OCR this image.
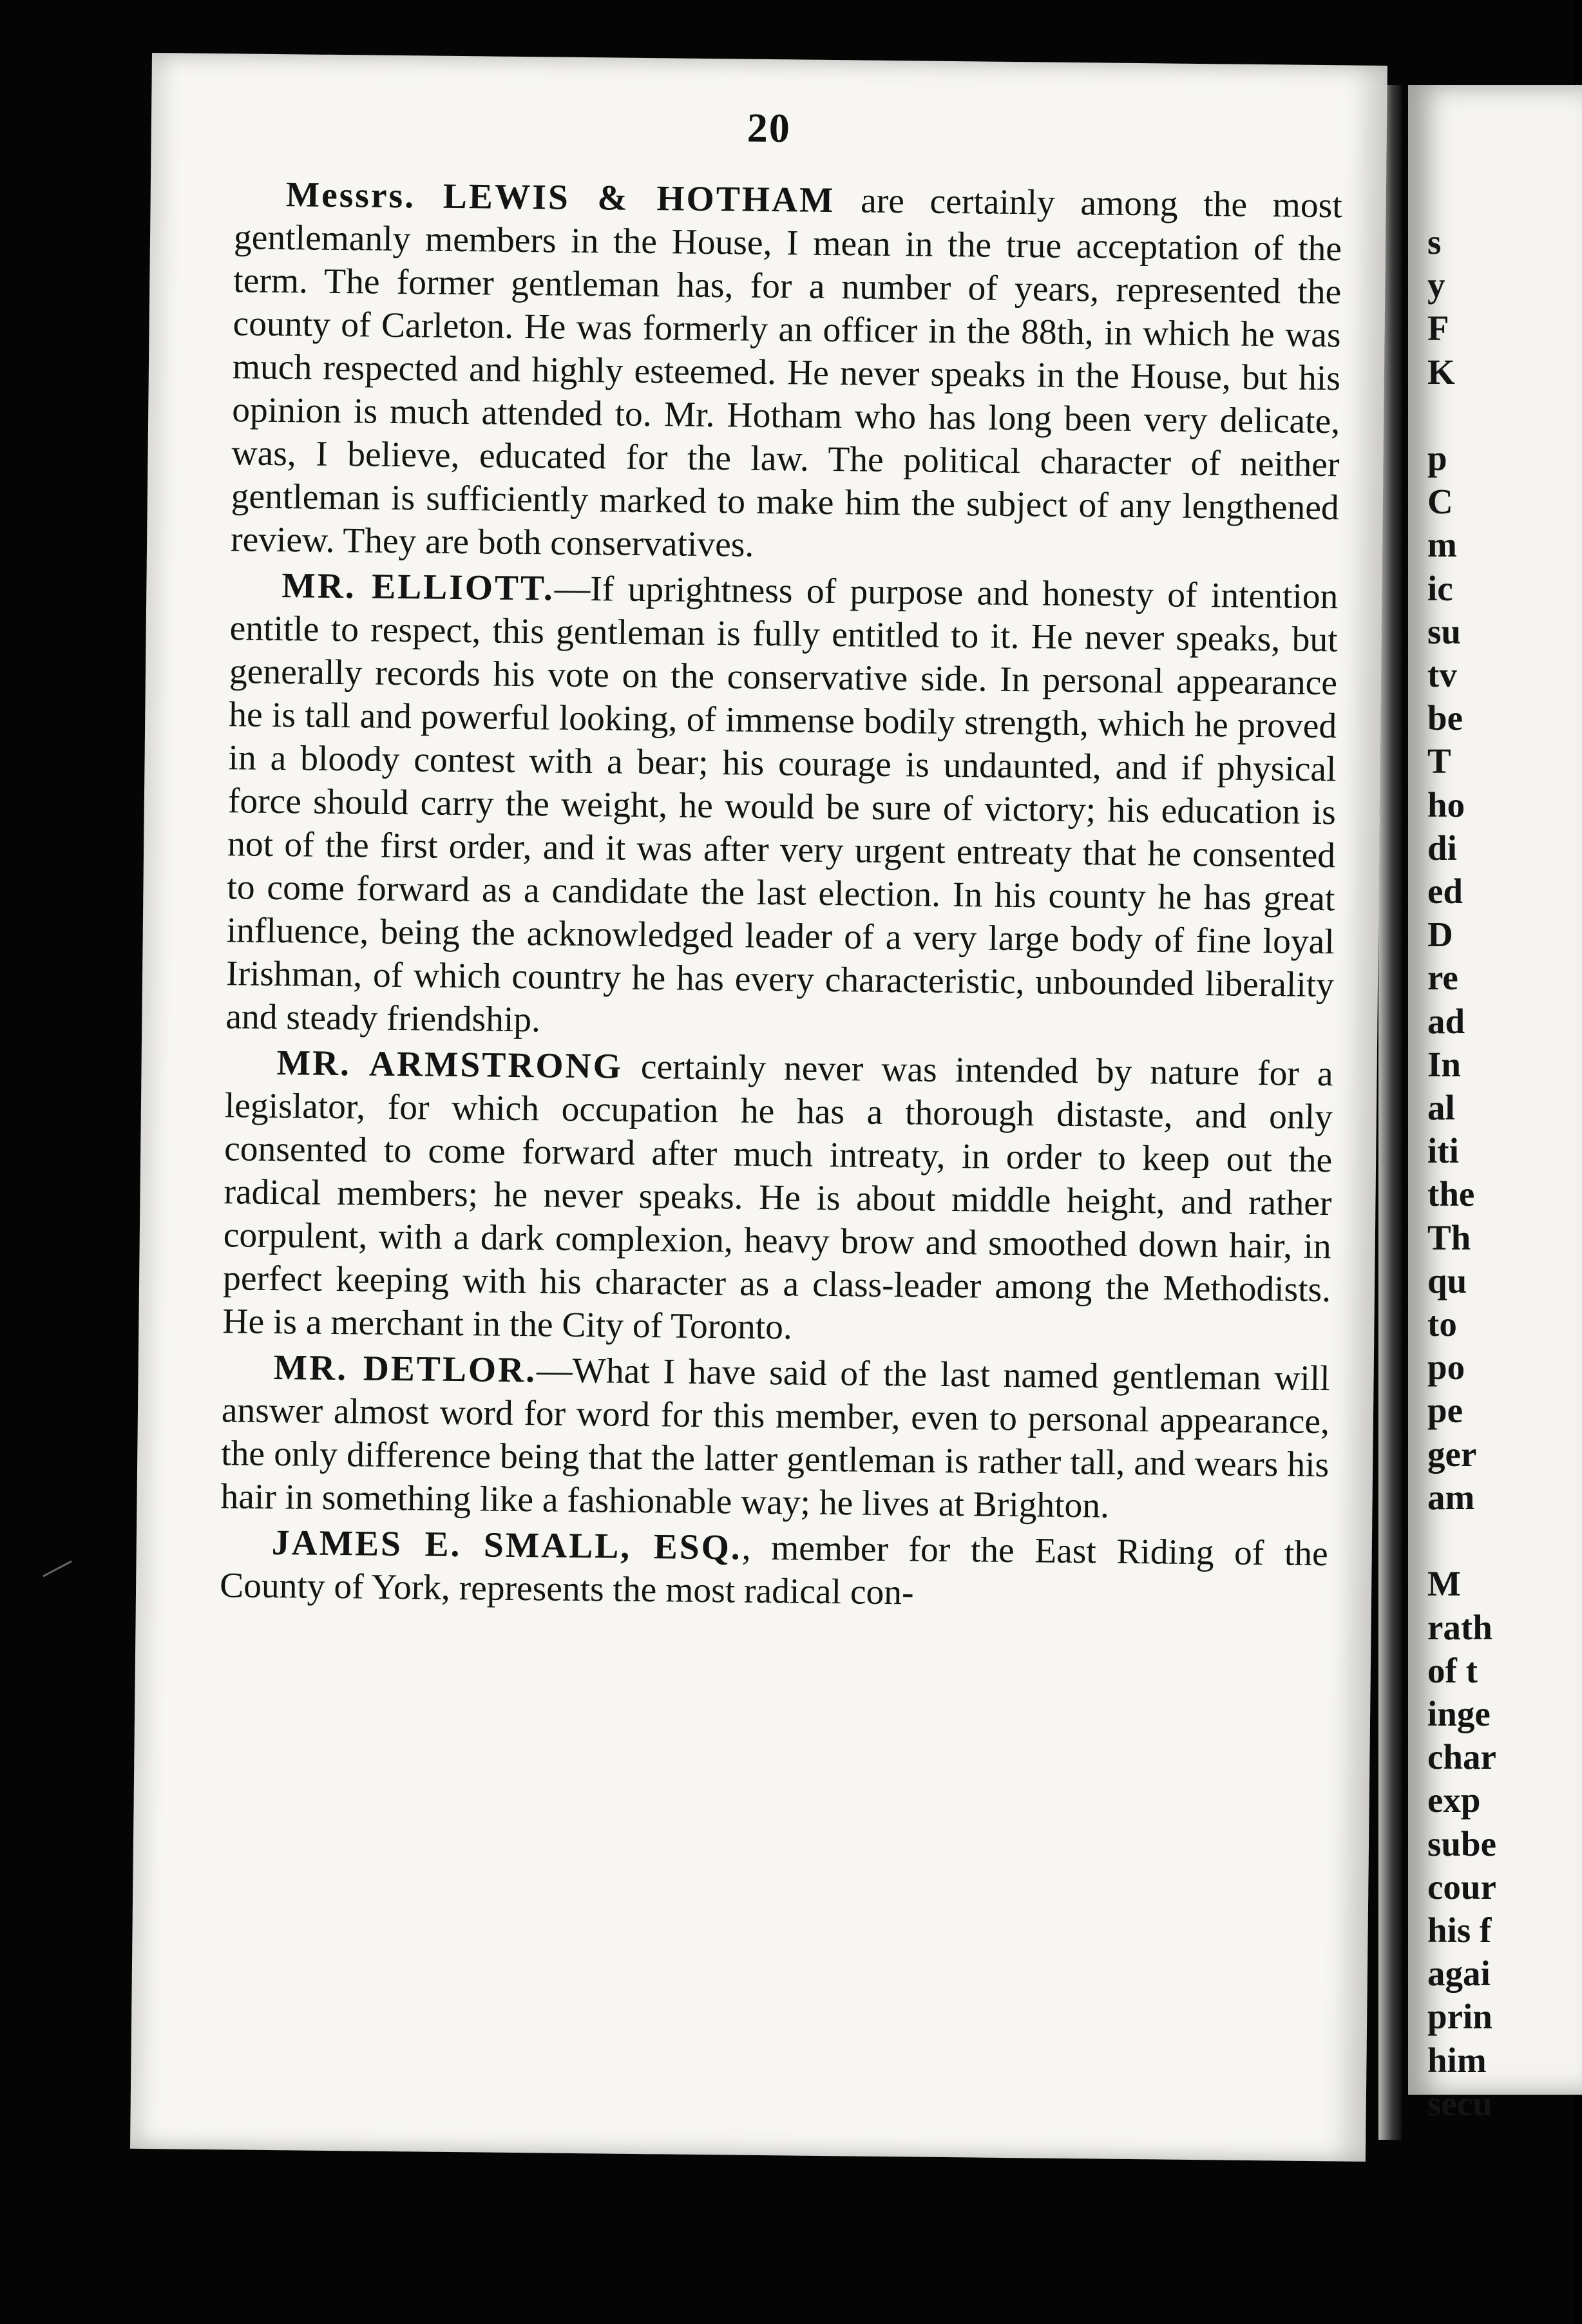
s
y
F
K

p
C
m
ic
su
tv
be
T
ho
di
ed
D
re
ad
In
al
iti
the
Th
qu
to
po
pe
ger
am

M
rath
of t
inge
char
exp
sube
cour
his f
agai
prin
him
secu
20

Messrs. LEWIS & HOTHAM are certainly among the most gentlemanly members in the House, I mean in the true acceptation of the term. The former gentleman has, for a number of years, represented the county of Carleton. He was formerly an officer in the 88th, in which he was much respected and highly esteemed. He never speaks in the House, but his opinion is much attended to. Mr. Hotham who has long been very delicate, was, I believe, educated for the law. The political character of neither gentleman is sufficiently marked to make him the subject of any lengthened review. They are both conservatives.

MR. ELLIOTT.—If uprightness of purpose and honesty of intention entitle to respect, this gentleman is fully entitled to it. He never speaks, but generally records his vote on the conservative side. In personal appearance he is tall and powerful looking, of immense bodily strength, which he proved in a bloody contest with a bear; his courage is undaunted, and if physical force should carry the weight, he would be sure of victory; his education is not of the first order, and it was after very urgent entreaty that he consented to come forward as a candidate the last election. In his county he has great influence, being the acknowledged leader of a very large body of fine loyal Irishman, of which country he has every characteristic, unbounded liberality and steady friendship.

MR. ARMSTRONG certainly never was intended by nature for a legislator, for which occupation he has a thorough distaste, and only consented to come forward after much intreaty, in order to keep out the radical members; he never speaks. He is about middle height, and rather corpulent, with a dark complexion, heavy brow and smoothed down hair, in perfect keeping with his character as a class-leader among the Methodists. He is a merchant in the City of Toronto.

MR. DETLOR.—What I have said of the last named gentleman will answer almost word for word for this member, even to personal appearance, the only difference being that the latter gentleman is rather tall, and wears his hair in something like a fashionable way; he lives at Brighton.

JAMES E. SMALL, ESQ., member for the East Riding of the County of York, represents the most radical con-
